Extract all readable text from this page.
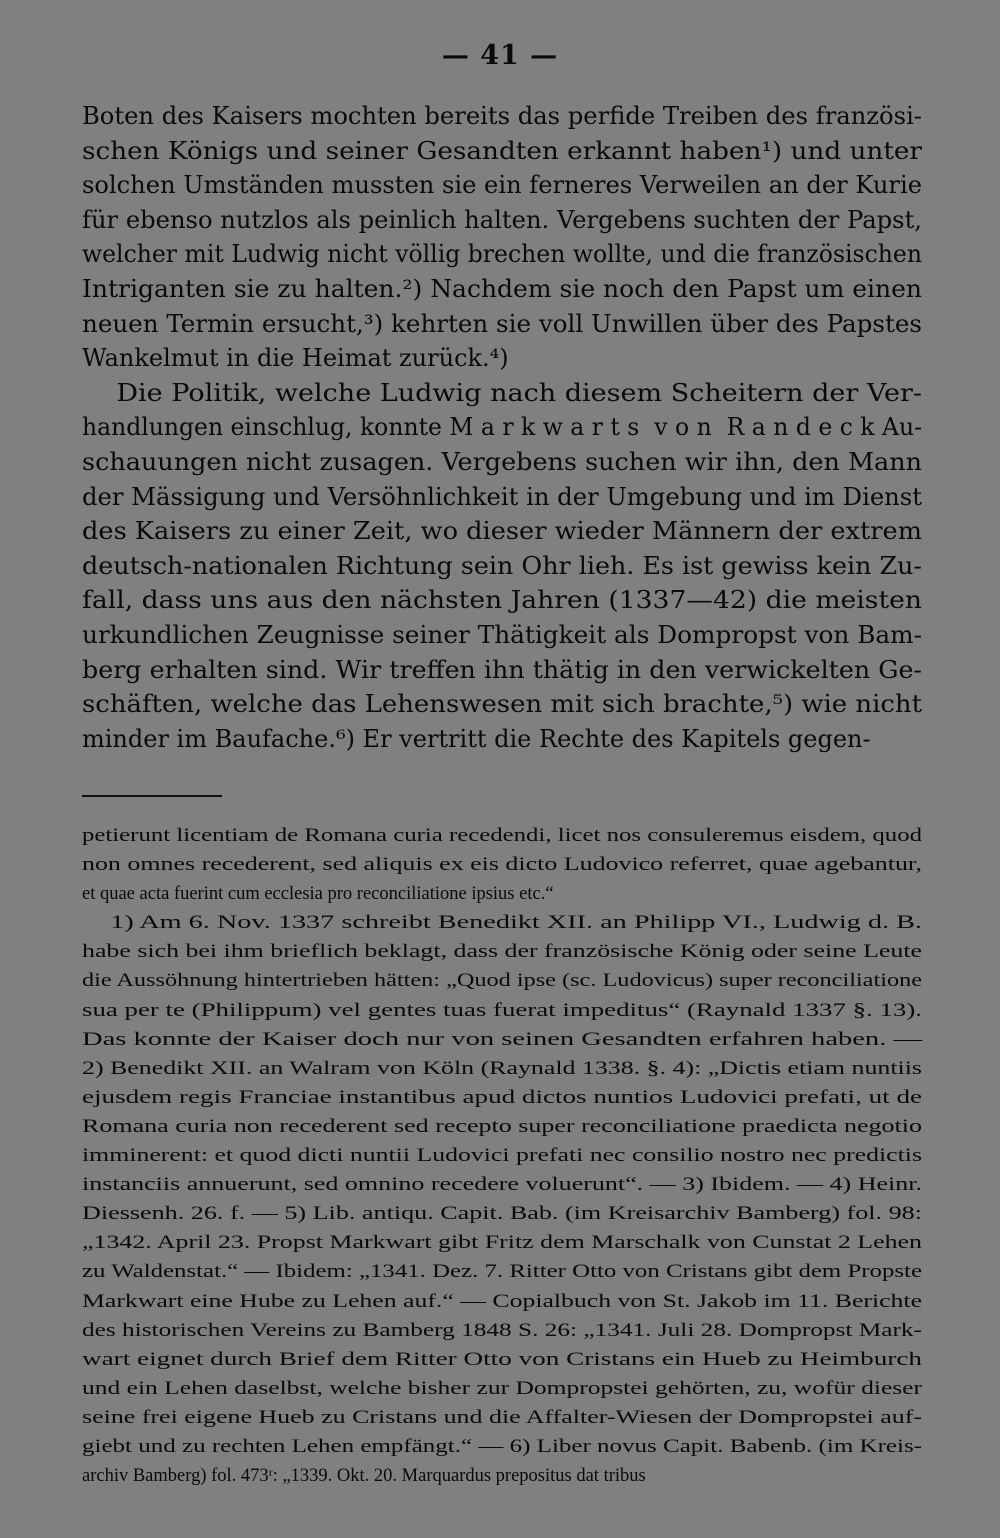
— 41 —
Boten des Kaisers mochten bereits das perfide Treiben des französi-
schen Königs und seiner Gesandten erkannt haben¹) und unter
solchen Umständen mussten sie ein ferneres Verweilen an der Kurie
für ebenso nutzlos als peinlich halten. Vergebens suchten der Papst,
welcher mit Ludwig nicht völlig brechen wollte, und die französischen
Intriganten sie zu halten.²) Nachdem sie noch den Papst um einen
neuen Termin ersucht,³) kehrten sie voll Unwillen über des Papstes
Wankelmut in die Heimat zurück.⁴)
Die Politik, welche Ludwig nach diesem Scheitern der Ver-
handlungen einschlug, konnte M a r k w a r t s  v o n  R a n d e c k Au-
schauungen nicht zusagen. Vergebens suchen wir ihn, den Mann
der Mässigung und Versöhnlichkeit in der Umgebung und im Dienst
des Kaisers zu einer Zeit, wo dieser wieder Männern der extrem
deutsch-nationalen Richtung sein Ohr lieh. Es ist gewiss kein Zu-
fall, dass uns aus den nächsten Jahren (1337—42) die meisten
urkundlichen Zeugnisse seiner Thätigkeit als Dompropst von Bam-
berg erhalten sind. Wir treffen ihn thätig in den verwickelten Ge-
schäften, welche das Lehenswesen mit sich brachte,⁵) wie nicht
minder im Baufache.⁶) Er vertritt die Rechte des Kapitels gegen-
petierunt licentiam de Romana curia recedendi, licet nos consuleremus eisdem, quod
non omnes recederent, sed aliquis ex eis dicto Ludovico referret, quae agebantur,
et quae acta fuerint cum ecclesia pro reconciliatione ipsius etc.“
1) Am 6. Nov. 1337 schreibt Benedikt XII. an Philipp VI., Ludwig d. B.
habe sich bei ihm brieflich beklagt, dass der französische König oder seine Leute
die Aussöhnung hintertrieben hätten: „Quod ipse (sc. Ludovicus) super reconciliatione
sua per te (Philippum) vel gentes tuas fuerat impeditus“ (Raynald 1337 §. 13).
Das konnte der Kaiser doch nur von seinen Gesandten erfahren haben. —
2) Benedikt XII. an Walram von Köln (Raynald 1338. §. 4): „Dictis etiam nuntiis
ejusdem regis Franciae instantibus apud dictos nuntios Ludovici prefati, ut de
Romana curia non recederent sed recepto super reconciliatione praedicta negotio
imminerent: et quod dicti nuntii Ludovici prefati nec consilio nostro nec predictis
instanciis annuerunt, sed omnino recedere voluerunt“. — 3) Ibidem. — 4) Heinr.
Diessenh. 26. f. — 5) Lib. antiqu. Capit. Bab. (im Kreisarchiv Bamberg) fol. 98:
„1342. April 23. Propst Markwart gibt Fritz dem Marschalk von Cunstat 2 Lehen
zu Waldenstat.“ — Ibidem: „1341. Dez. 7. Ritter Otto von Cristans gibt dem Propste
Markwart eine Hube zu Lehen auf.“ — Copialbuch von St. Jakob im 11. Berichte
des historischen Vereins zu Bamberg 1848 S. 26: „1341. Juli 28. Dompropst Mark-
wart eignet durch Brief dem Ritter Otto von Cristans ein Hueb zu Heimburch
und ein Lehen daselbst, welche bisher zur Dompropstei gehörten, zu, wofür dieser
seine frei eigene Hueb zu Cristans und die Affalter-Wiesen der Dompropstei auf-
giebt und zu rechten Lehen empfängt.“ — 6) Liber novus Capit. Babenb. (im Kreis-
archiv Bamberg) fol. 473ʳ: „1339. Okt. 20. Marquardus prepositus dat tribus
